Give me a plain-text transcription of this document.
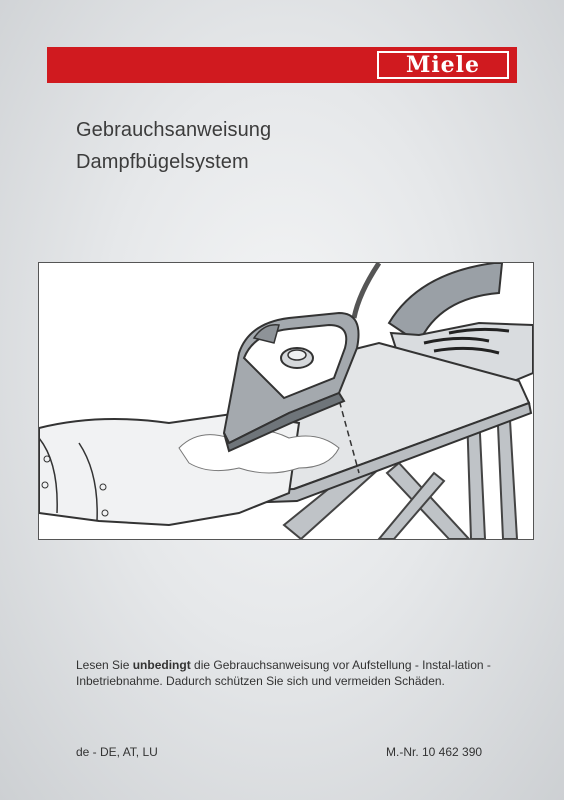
Miele
Gebrauchsanweisung
Dampfbügelsystem
Lesen Sie unbedingt die Gebrauchsanweisung vor Aufstellung - Instal-lation - Inbetriebnahme. Dadurch schützen Sie sich und vermeiden Schäden.
de - DE, AT, LU	M.-Nr. 10 462 390
